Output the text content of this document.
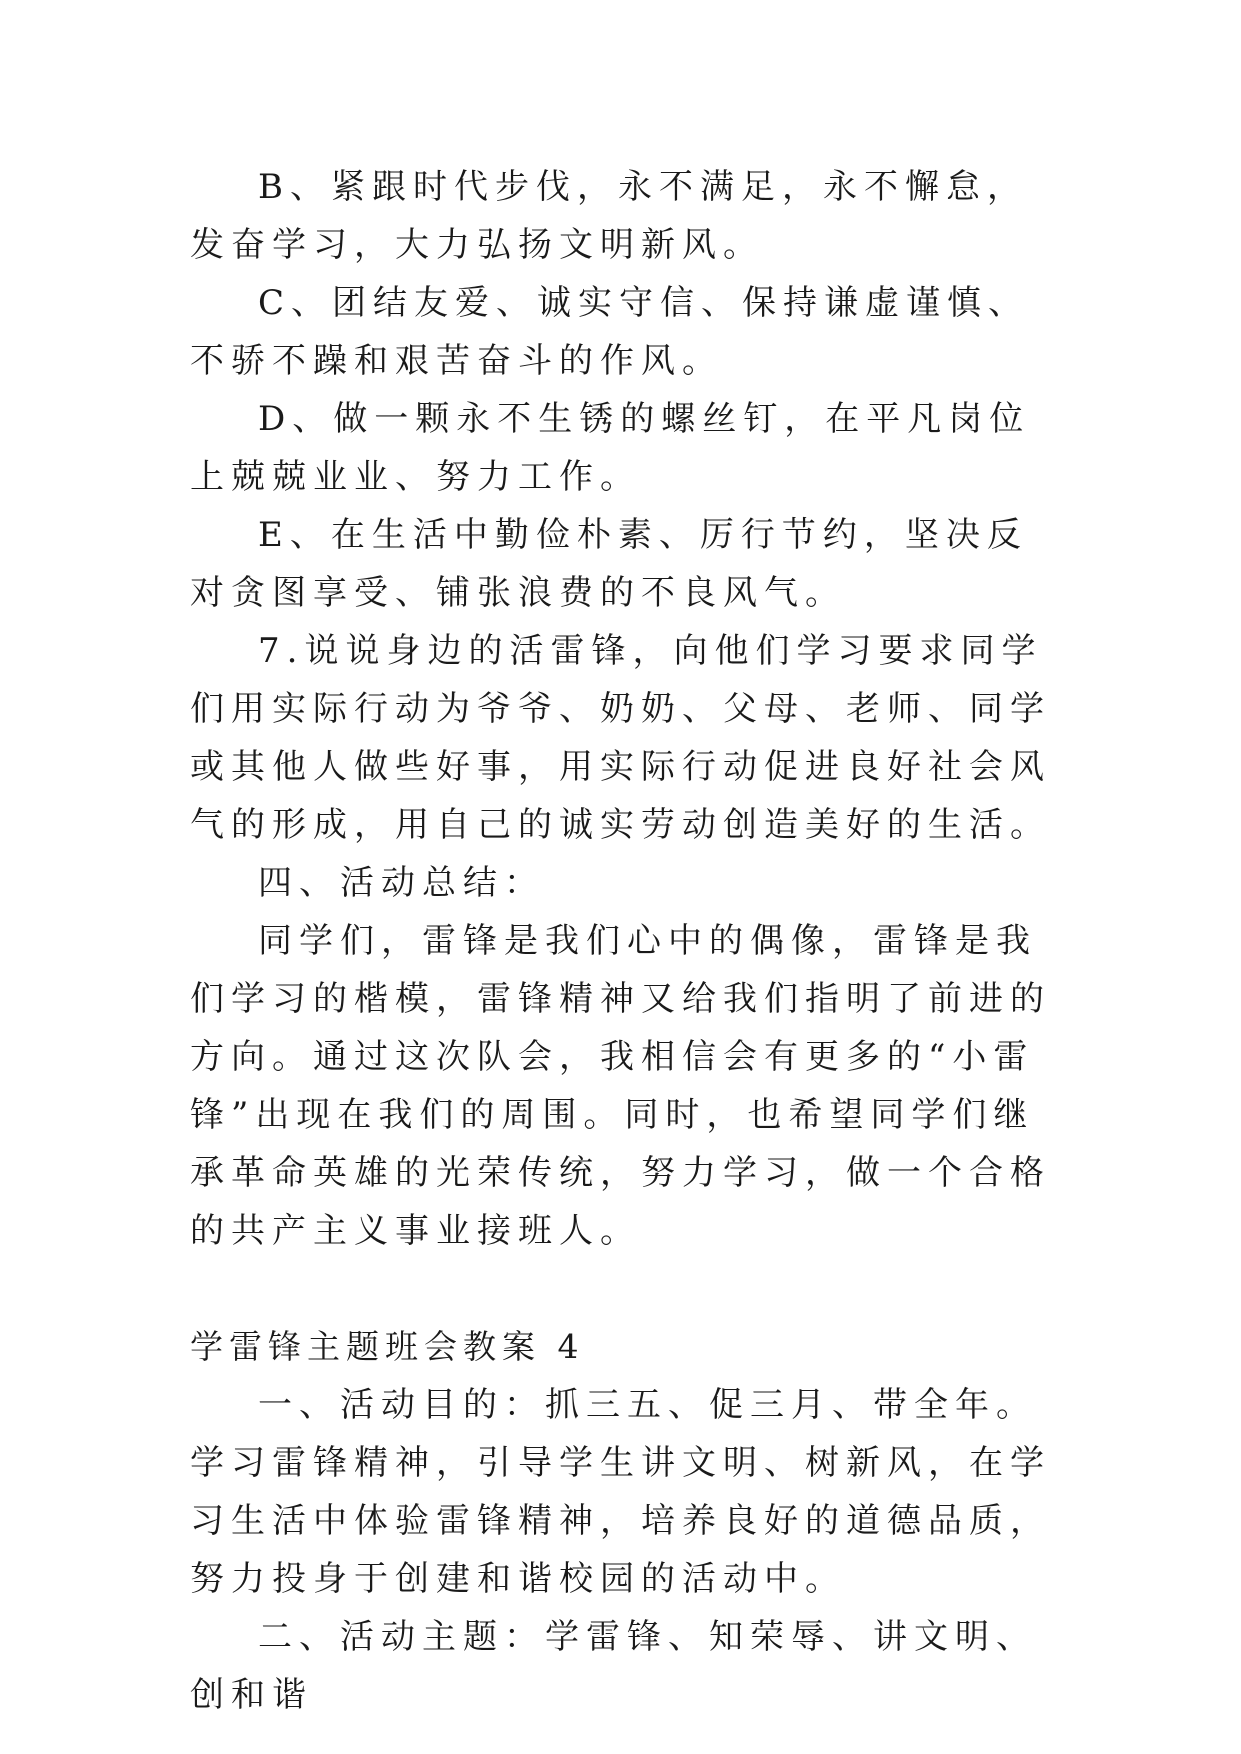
B、紧跟时代步伐，永不满足，永不懈怠，发奋学习，大力弘扬文明新风。

C、团结友爱、诚实守信、保持谦虚谨慎、不骄不躁和艰苦奋斗的作风。

D、做一颗永不生锈的螺丝钉，在平凡岗位上兢兢业业、努力工作。

E、在生活中勤俭朴素、厉行节约，坚决反对贪图享受、铺张浪费的不良风气。

7.说说身边的活雷锋，向他们学习要求同学们用实际行动为爷爷、奶奶、父母、老师、同学或其他人做些好事，用实际行动促进良好社会风气的形成，用自己的诚实劳动创造美好的生活。

四、活动总结：

同学们，雷锋是我们心中的偶像，雷锋是我们学习的楷模，雷锋精神又给我们指明了前进的方向。通过这次队会，我相信会有更多的“小雷锋”出现在我们的周围。同时，也希望同学们继承革命英雄的光荣传统，努力学习，做一个合格的共产主义事业接班人。

学雷锋主题班会教案 4

一、活动目的：抓三五、促三月、带全年。学习雷锋精神，引导学生讲文明、树新风，在学习生活中体验雷锋精神，培养良好的道德品质，努力投身于创建和谐校园的活动中。

二、活动主题：学雷锋、知荣辱、讲文明、创和谐
